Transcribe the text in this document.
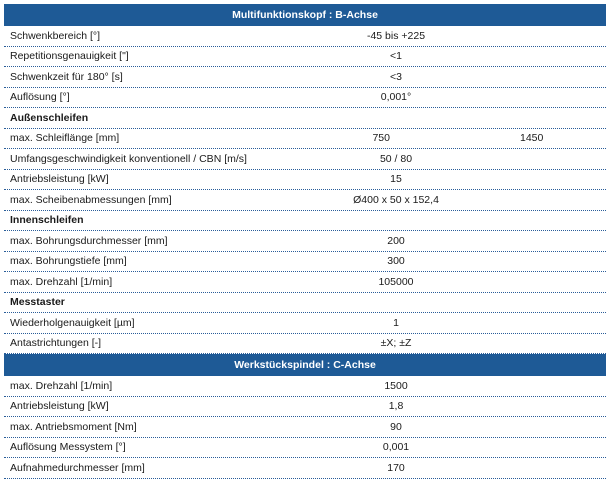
Multifunktionskopf : B-Achse
Schwenkbereich [°]	-45 bis +225
Repetitionsgenauigkeit ["]	<1
Schwenkzeit für 180° [s]	<3
Auflösung [°]	0,001°
Außenschleifen
max. Schleiflänge [mm]	750	1450
Umfangsgeschwindigkeit konventionell / CBN [m/s]	50 / 80
Antriebsleistung [kW]	15
max. Scheibenabmessungen [mm]	Ø400 x 50 x 152,4
Innenschleifen
max. Bohrungsdurchmesser [mm]	200
max. Bohrungstiefe [mm]	300
max. Drehzahl [1/min]	105000
Messtaster
Wiederholgenauigkeit [µm]	1
Antastrichtungen [-]	±X; ±Z
Werkstückspindel : C-Achse
max. Drehzahl [1/min]	1500
Antriebsleistung [kW]	1,8
max. Antriebsmoment [Nm]	90
Auflösung Messystem [°]	0,001
Aufnahmedurchmesser [mm]	170
